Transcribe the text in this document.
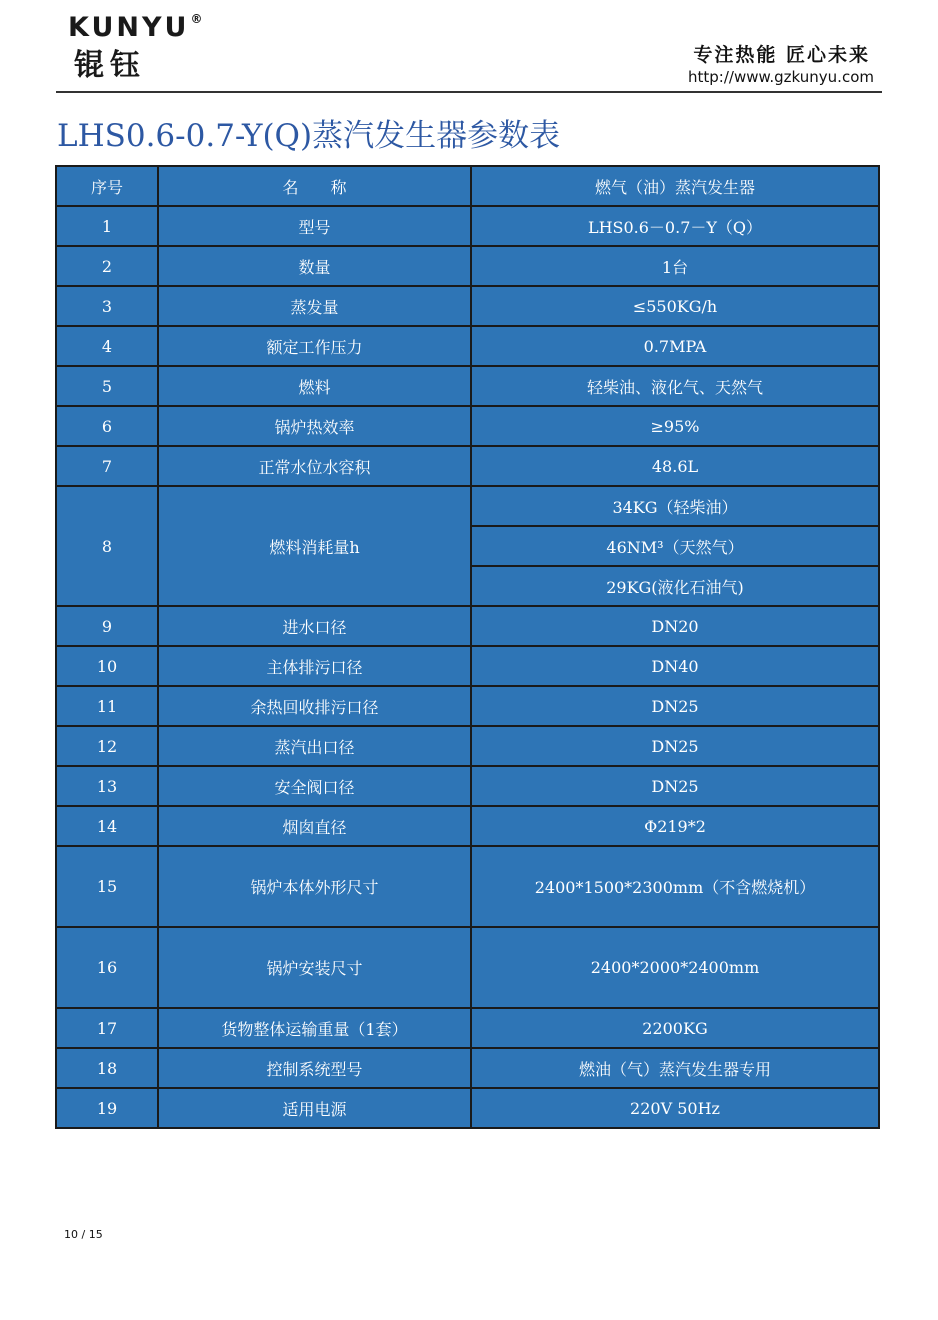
KUNYU®
锟钰	专注热能 匠心未来
http://www.gzkunyu.com
LHS0.6-0.7-Y(Q)蒸汽发生器参数表
序号	名　　称	燃气（油）蒸汽发生器
1	型号	LHS0.6－0.7－Y（Q）
2	数量	1台
3	蒸发量	≤550KG/h
4	额定工作压力	0.7MPA
5	燃料	轻柴油、液化气、天然气
6	锅炉热效率	≥95%
7	正常水位水容积	48.6L
8	燃料消耗量h	34KG（轻柴油）
		46NM³（天然气）
		29KG(液化石油气)
9	进水口径	DN20
10	主体排污口径	DN40
11	余热回收排污口径	DN25
12	蒸汽出口径	DN25
13	安全阀口径	DN25
14	烟囱直径	Φ219*2
15	锅炉本体外形尺寸	2400*1500*2300mm（不含燃烧机）
16	锅炉安装尺寸	2400*2000*2400mm
17	货物整体运输重量（1套）	2200KG
18	控制系统型号	燃油（气）蒸汽发生器专用
19	适用电源	220V 50Hz
10 / 15
